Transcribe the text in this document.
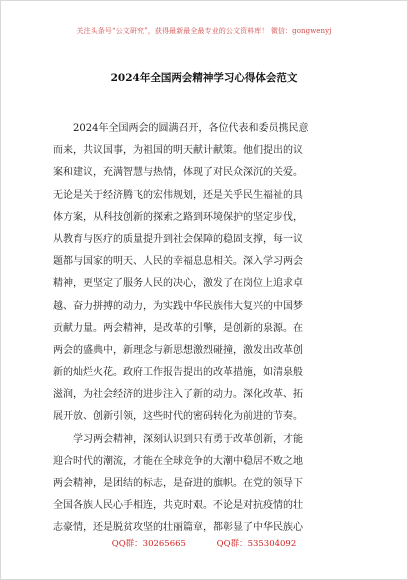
关注头条号“公文研究”，获得最新最全最专业的公文资料库！ 微信：gongwenyj
2024年全国两会精神学习心得体会范文
2024年全国两会的圆满召开，各位代表和委员携民意
而来，共议国事，为祖国的明天献计献策。他们提出的议
案和建议，充满智慧与热情，体现了对民众深沉的关爱。
无论是关于经济腾飞的宏伟规划，还是关乎民生福祉的具
体方案，从科技创新的探索之路到环境保护的坚定步伐，
从教育与医疗的质量提升到社会保障的稳固支撑，每一议
题都与国家的明天、人民的幸福息息相关。深入学习两会
精神，更坚定了服务人民的决心，激发了在岗位上追求卓
越、奋力拼搏的动力，为实践中华民族伟大复兴的中国梦
贡献力量。两会精神，是改革的引擎，是创新的泉源。在
两会的盛典中，新理念与新思想激烈碰撞，激发出改革创
新的灿烂火花。政府工作报告提出的改革措施，如清泉般
滋润，为社会经济的进步注入了新的动力。深化改革、拓
展开放、创新引领，这些时代的密码转化为前进的节奏。
学习两会精神，深刻认识到只有勇于改革创新，才能
迎合时代的潮流，才能在全球竞争的大潮中稳居不败之地
两会精神，是团结的标志，是奋进的旗帜。在党的领导下
全国各族人民心手相连，共克时艰。不论是对抗疫情的壮
志豪情，还是脱贫攻坚的壮丽篇章，都彰显了中华民族心
QQ群：30265665	QQ群：535304092
